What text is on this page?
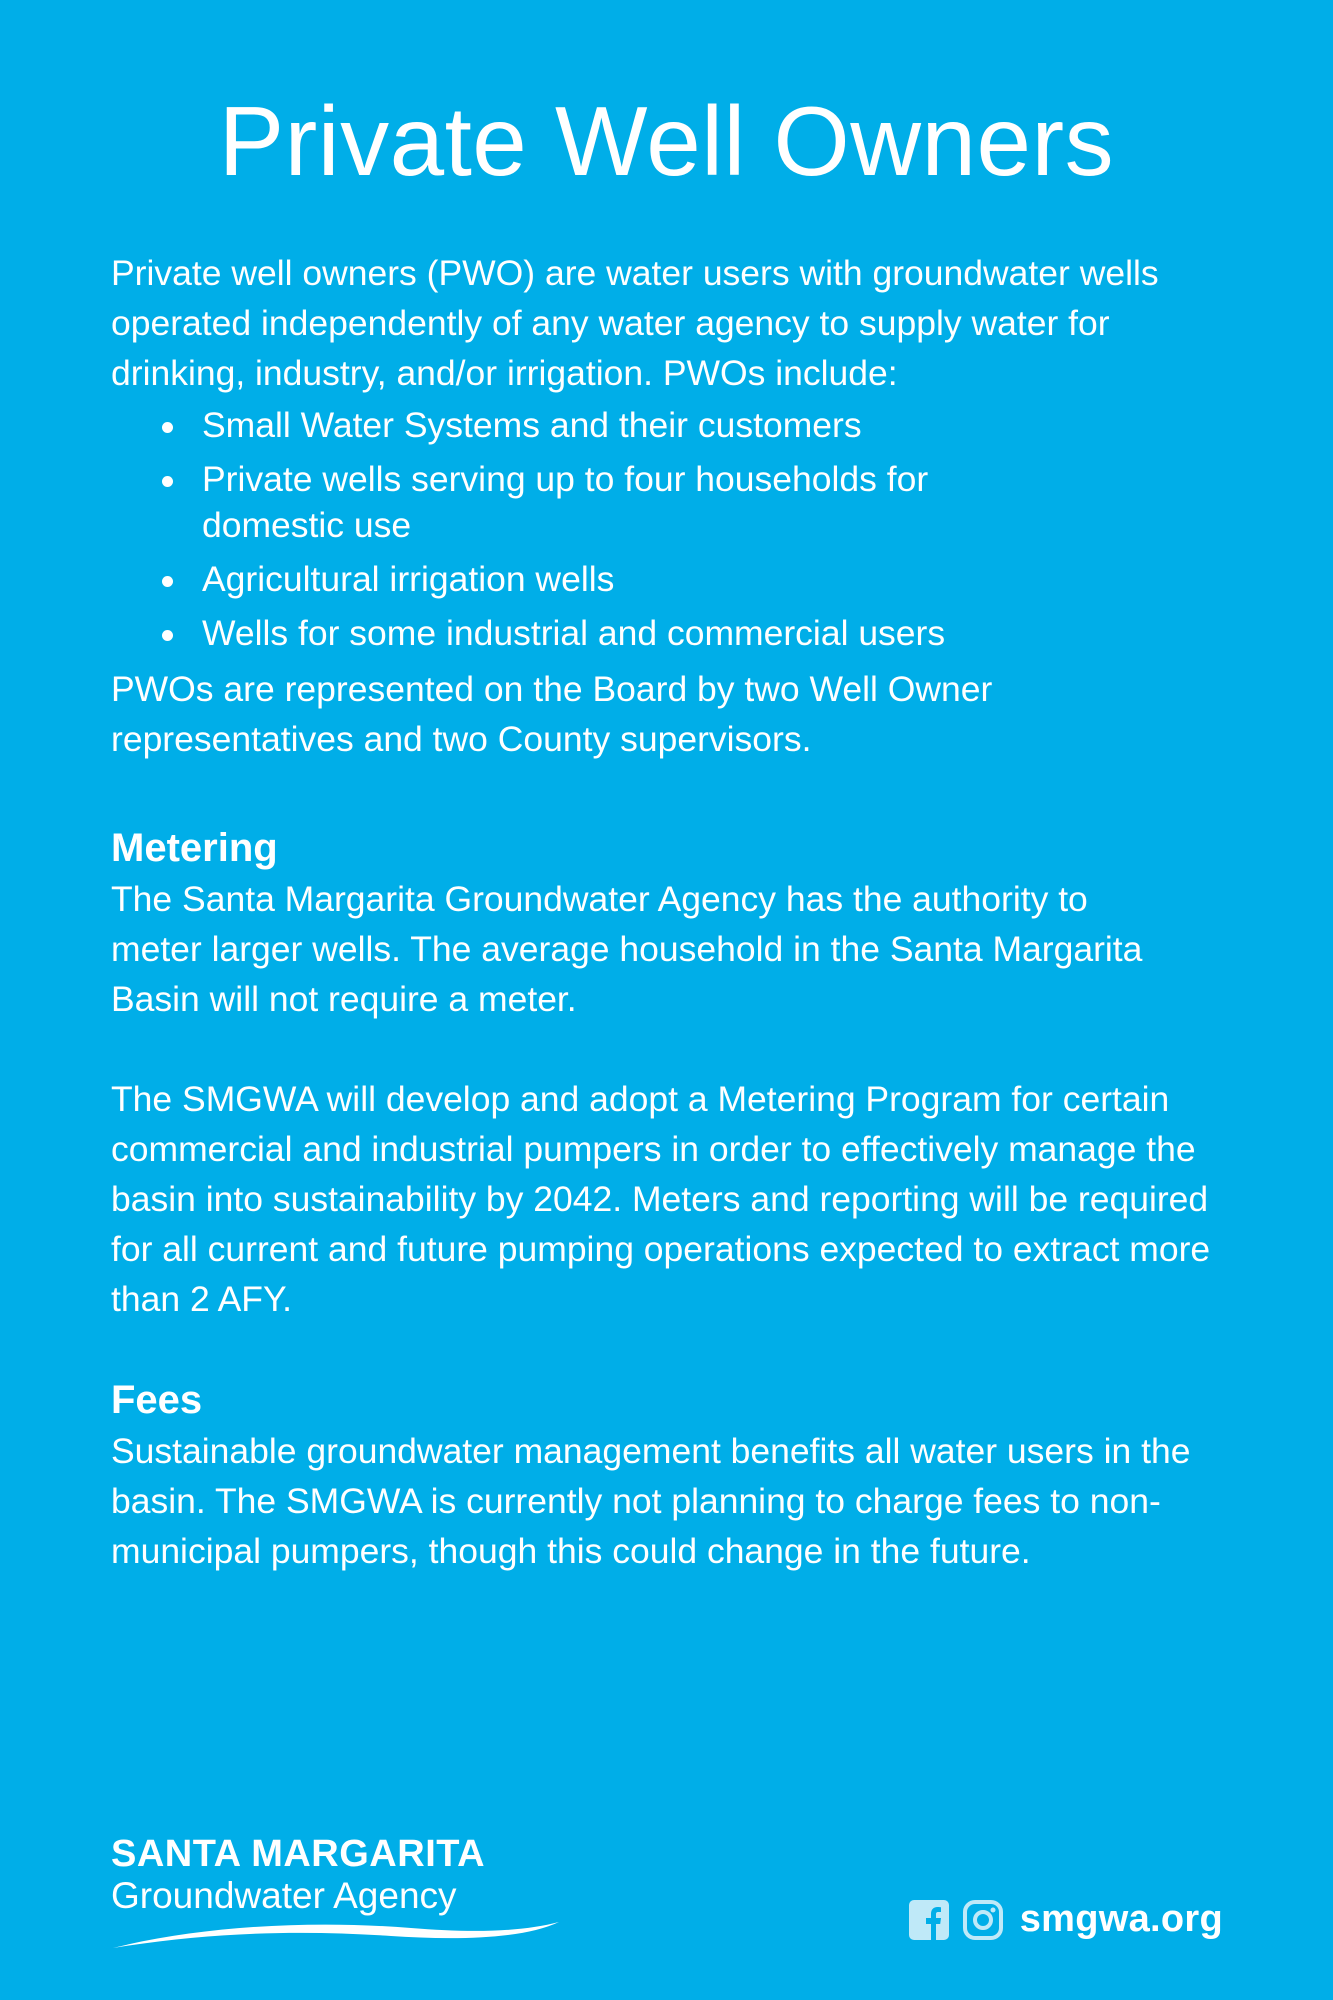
Private Well Owners

Private well owners (PWO) are water users with groundwater wells operated independently of any water agency to supply water for drinking, industry, and/or irrigation. PWOs include:

Small Water Systems and their customers
Private wells serving up to four households for domestic use
Agricultural irrigation wells
Wells for some industrial and commercial users

PWOs are represented on the Board by two Well Owner representatives and two County supervisors.

Metering

The Santa Margarita Groundwater Agency has the authority to meter larger wells. The average household in the Santa Margarita Basin will not require a meter.

The SMGWA will develop and adopt a Metering Program for certain commercial and industrial pumpers in order to effectively manage the basin into sustainability by 2042. Meters and reporting will be required for all current and future pumping operations expected to extract more than 2 AFY.

Fees

Sustainable groundwater management benefits all water users in the basin. The SMGWA is currently not planning to charge fees to non-municipal pumpers, though this could change in the future.

SANTA MARGARITA
Groundwater Agency
smgwa.org
